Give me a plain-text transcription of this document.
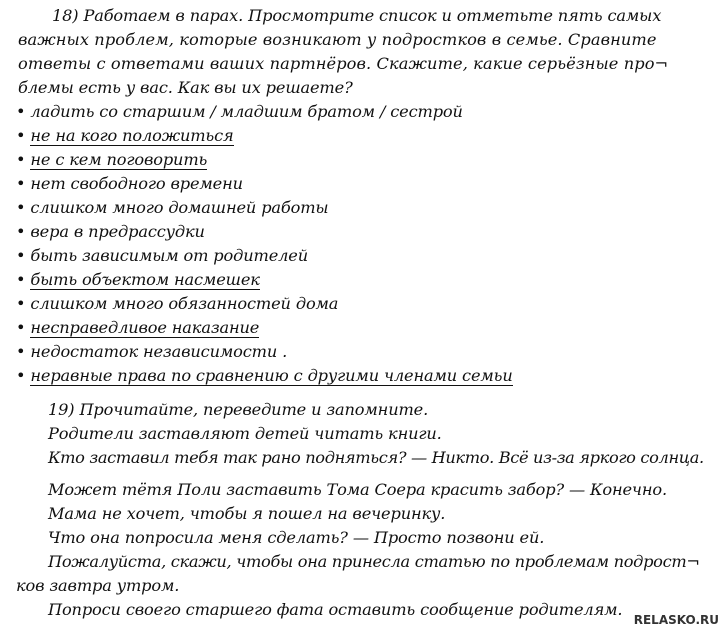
18) Работаем в парах. Просмотрите список и отметьте пять самых
важных проблем, которые возникают у подростков в семье. Сравните
ответы с ответами ваших партнёров. Скажите, какие серьёзные про¬
блемы есть у вас. Как вы их решаете?
• ладить со старшим / младшим братом / сестрой
• не на кого положиться
• не с кем поговорить
• нет свободного времени
• слишком много домашней работы
• вера в предрассудки
• быть зависимым от родителей
• быть объектом насмешек
• слишком много обязанностей дома
• несправедливое наказание
• недостаток независимости .
• неравные права по сравнению с другими членами семьи
19) Прочитайте, переведите и запомните.
Родители заставляют детей читать книги.
Кто заставил тебя так рано подняться? — Никто. Всё из-за яркого солнца.
Может тётя Поли заставить Тома Соера красить забор? — Конечно.
Мама не хочет, чтобы я пошел на вечеринку.
Что она попросила меня сделать? — Просто позвони ей.
Пожалуйста, скажи, чтобы она принесла статью по проблемам подрост¬
ков завтра утром.
Попроси своего старшего фата оставить сообщение родителям.
RELASKO.RU
